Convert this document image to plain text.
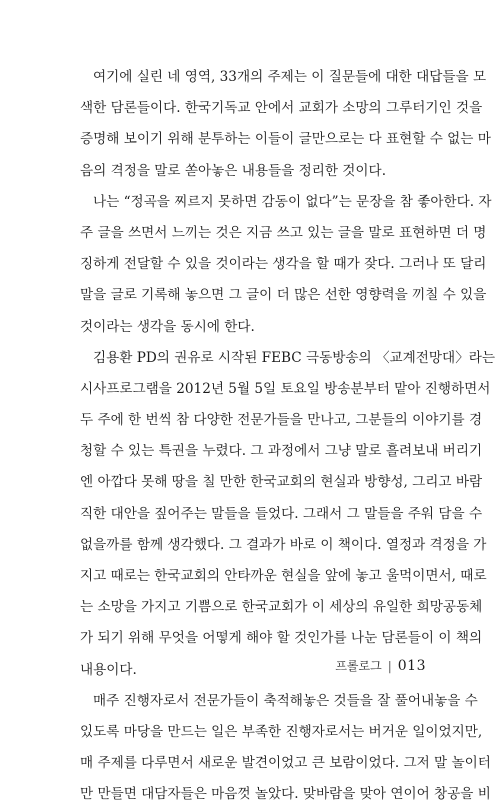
여기에 실린 네 영역, 33개의 주제는 이 질문들에 대한 대답들을 모
색한 담론들이다. 한국기독교 안에서 교회가 소망의 그루터기인 것을
증명해 보이기 위해 분투하는 이들이 글만으로는 다 표현할 수 없는 마
음의 격정을 말로 쏟아놓은 내용들을 정리한 것이다.
나는 “정곡을 찌르지 못하면 감동이 없다”는 문장을 참 좋아한다. 자
주 글을 쓰면서 느끼는 것은 지금 쓰고 있는 글을 말로 표현하면 더 명
징하게 전달할 수 있을 것이라는 생각을 할 때가 잦다. 그러나 또 달리
말을 글로 기록해 놓으면 그 글이 더 많은 선한 영향력을 끼칠 수 있을
것이라는 생각을 동시에 한다.
김용환 PD의 권유로 시작된 FEBC 극동방송의 〈교계전망대〉라는
시사프로그램을 2012년 5월 5일 토요일 방송분부터 맡아 진행하면서
두 주에 한 번씩 참 다양한 전문가들을 만나고, 그분들의 이야기를 경
청할 수 있는 특권을 누렸다. 그 과정에서 그냥 말로 흘려보내 버리기
엔 아깝다 못해 땅을 칠 만한 한국교회의 현실과 방향성, 그리고 바람
직한 대안을 짚어주는 말들을 들었다. 그래서 그 말들을 주워 담을 수
없을까를 함께 생각했다. 그 결과가 바로 이 책이다. 열정과 격정을 가
지고 때로는 한국교회의 안타까운 현실을 앞에 놓고 울먹이면서, 때로
는 소망을 가지고 기쁨으로 한국교회가 이 세상의 유일한 희망공동체
가 되기 위해 무엇을 어떻게 해야 할 것인가를 나눈 담론들이 이 책의
내용이다.
매주 진행자로서 전문가들이 축적해놓은 것들을 잘 풀어내놓을 수
있도록 마당을 만드는 일은 부족한 진행자로서는 버거운 일이었지만,
매 주제를 다루면서 새로운 발견이었고 큰 보람이었다. 그저 말 놀이터
만 만들면 대담자들은 마음껏 놀았다. 맞바람을 맞아 연이어 창공을 비
프롤로그 | 013
